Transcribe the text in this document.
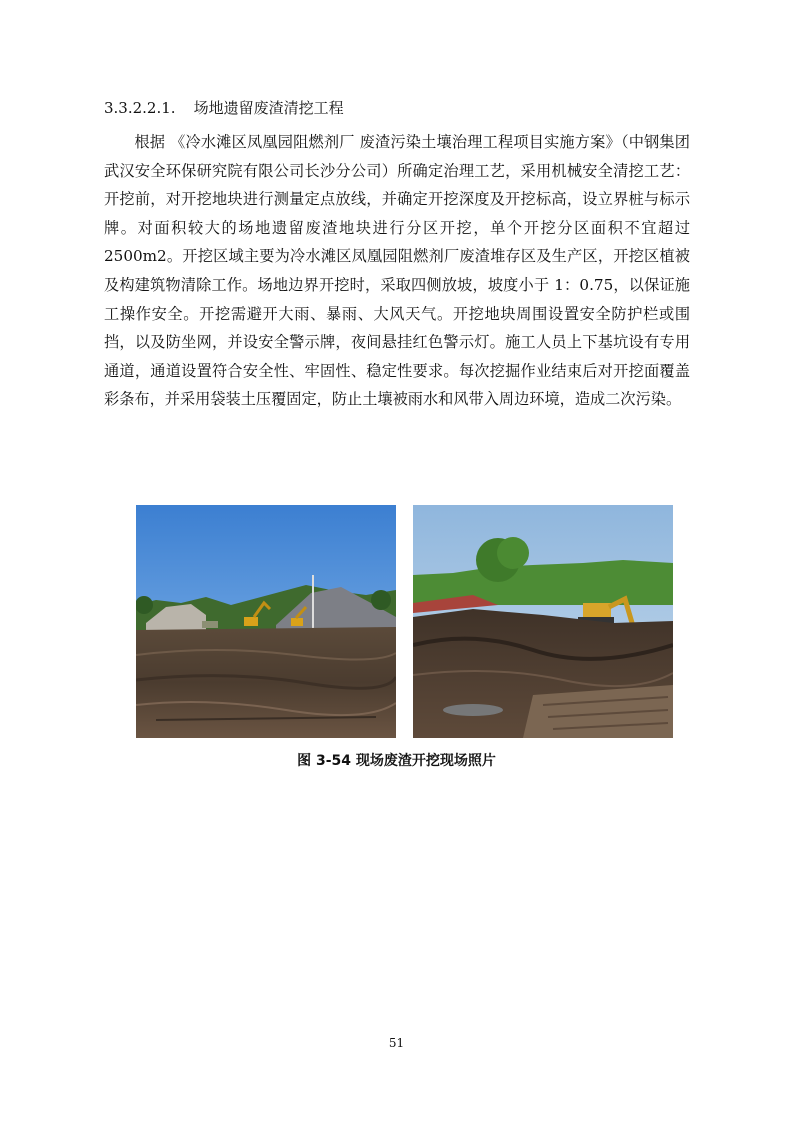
3.3.2.2.1. 场地遗留废渣清挖工程

根据 《冷水滩区凤凰园阻燃剂厂 废渣污染土壤治理工程项目实施方案》（中钢集团武汉安全环保研究院有限公司长沙分公司）所确定治理工艺，采用机械安全清挖工艺：开挖前，对开挖地块进行测量定点放线，并确定开挖深度及开挖标高，设立界桩与标示牌。对面积较大的场地遗留废渣地块进行分区开挖，单个开挖分区面积不宜超过 2500m2。开挖区域主要为冷水滩区凤凰园阻燃剂厂废渣堆存区及生产区，开挖区植被及构建筑物清除工作。场地边界开挖时，采取四侧放坡，坡度小于 1：0.75，以保证施工操作安全。开挖需避开大雨、暴雨、大风天气。开挖地块周围设置安全防护栏或围挡，以及防坐网，并设安全警示牌，夜间悬挂红色警示灯。施工人员上下基坑设有专用通道，通道设置符合安全性、牢固性、稳定性要求。每次挖掘作业结束后对开挖面覆盖彩条布，并采用袋装土压覆固定，防止土壤被雨水和风带入周边环境，造成二次污染。

图 3-54 现场废渣开挖现场照片
51
